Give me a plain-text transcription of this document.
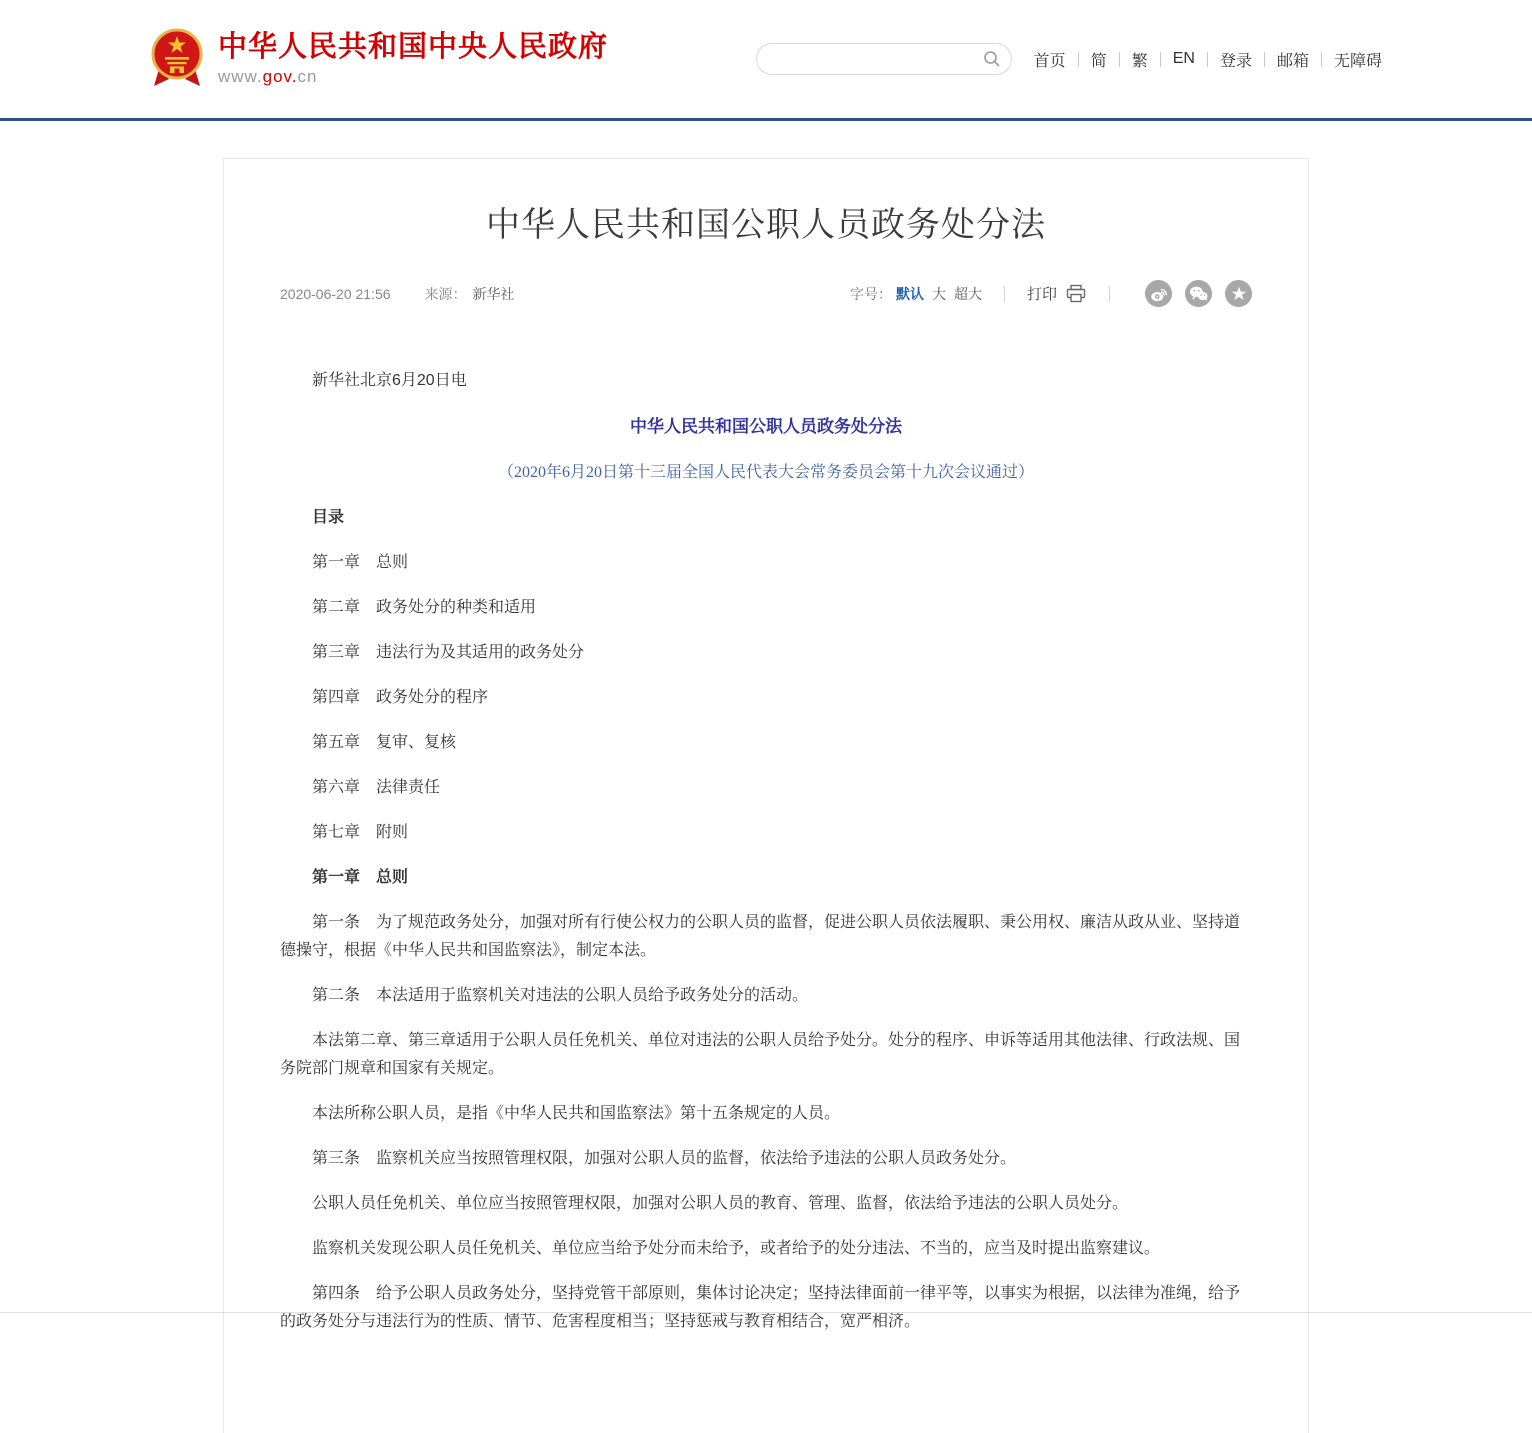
中华人民共和国中央人民政府
www.gov.cn
首页 简 繁 EN 登录 邮箱 无障碍
中华人民共和国公职人员政务处分法
2020-06-20 21:56 来源： 新华社	字号： 默认 大 超大	打印

新华社北京6月20日电

中华人民共和国公职人员政务处分法

（2020年6月20日第十三届全国人民代表大会常务委员会第十九次会议通过）

目录

第一章　总则

第二章　政务处分的种类和适用

第三章　违法行为及其适用的政务处分

第四章　政务处分的程序

第五章　复审、复核

第六章　法律责任

第七章　附则

第一章　总则

第一条　为了规范政务处分，加强对所有行使公权力的公职人员的监督，促进公职人员依法履职、秉公用权、廉洁从政从业、坚持道德操守，根据《中华人民共和国监察法》，制定本法。

第二条　本法适用于监察机关对违法的公职人员给予政务处分的活动。

本法第二章、第三章适用于公职人员任免机关、单位对违法的公职人员给予处分。处分的程序、申诉等适用其他法律、行政法规、国务院部门规章和国家有关规定。

本法所称公职人员，是指《中华人民共和国监察法》第十五条规定的人员。

第三条　监察机关应当按照管理权限，加强对公职人员的监督，依法给予违法的公职人员政务处分。

公职人员任免机关、单位应当按照管理权限，加强对公职人员的教育、管理、监督，依法给予违法的公职人员处分。

监察机关发现公职人员任免机关、单位应当给予处分而未给予，或者给予的处分违法、不当的，应当及时提出监察建议。

第四条　给予公职人员政务处分，坚持党管干部原则，集体讨论决定；坚持法律面前一律平等，以事实为根据，以法律为准绳，给予的政务处分与违法行为的性质、情节、危害程度相当；坚持惩戒与教育相结合，宽严相济。
